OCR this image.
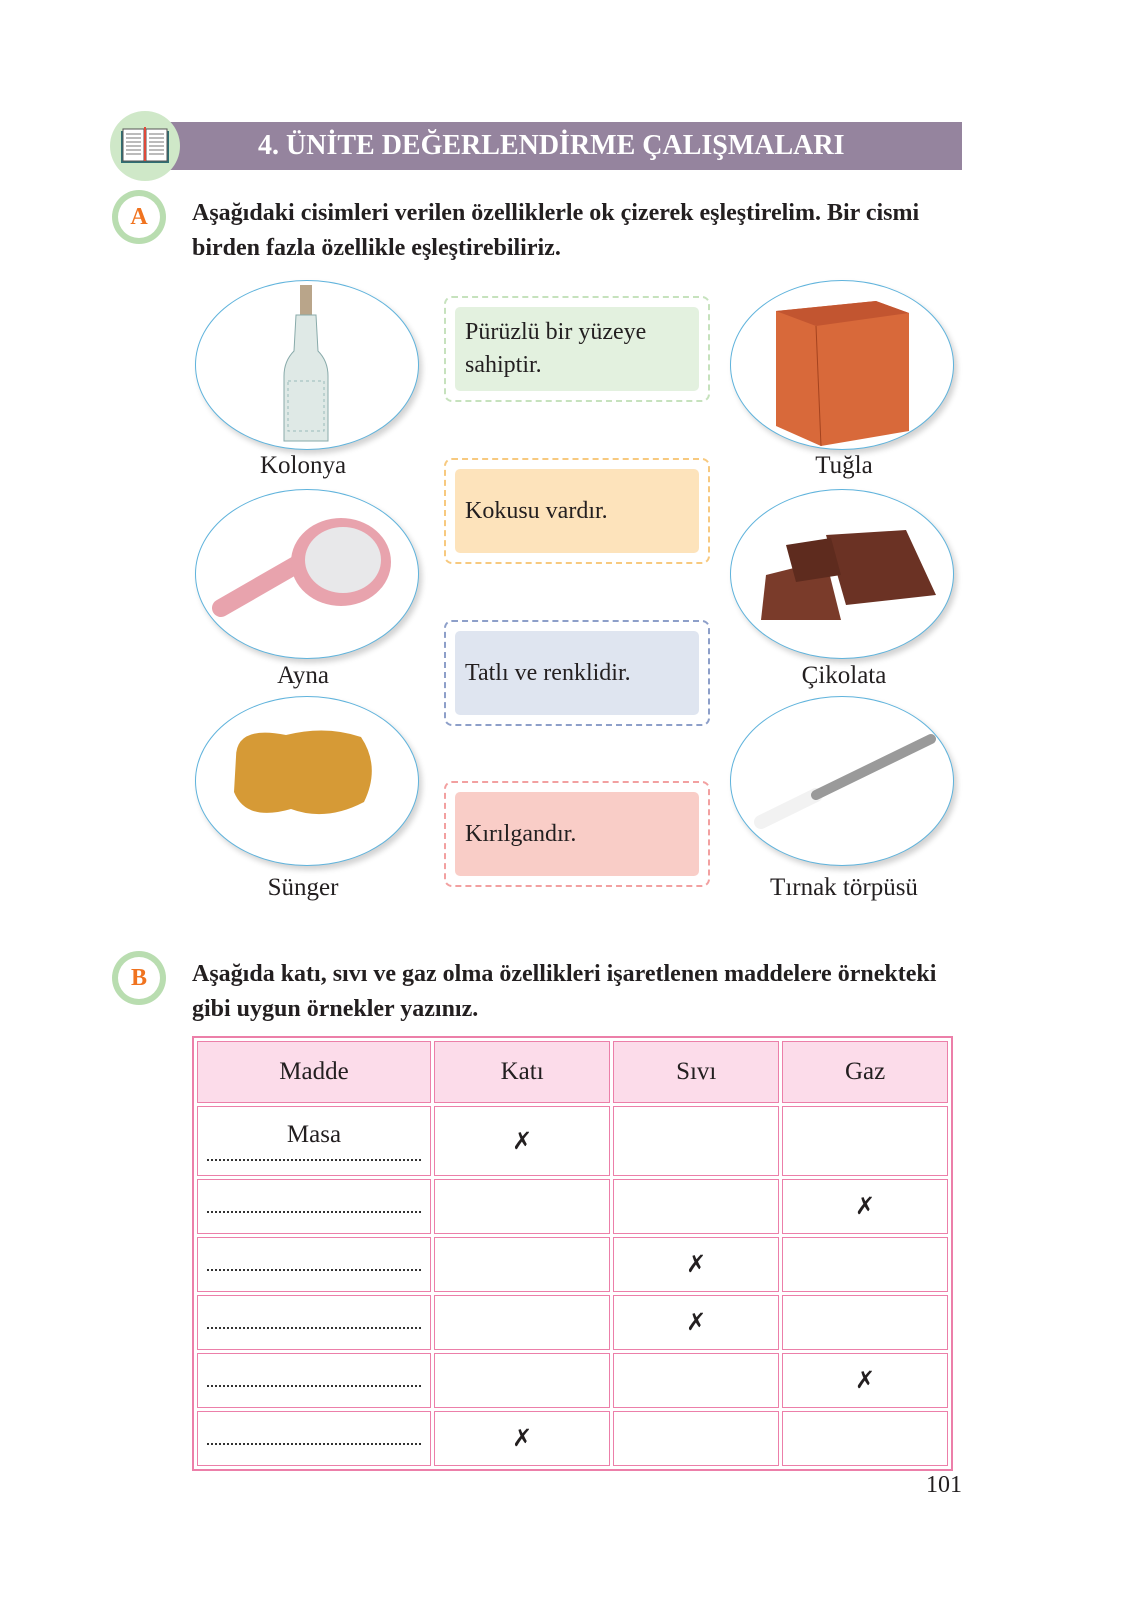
4. ÜNİTE DEĞERLENDİRME ÇALIŞMALARI
A	Aşağıdaki cisimleri verilen özelliklerle ok çizerek eşleştirelim. Bir cismi birden fazla özellikle eşleştirebiliriz.
Kolonya
Ayna
Sünger
Tuğla
Çikolata
Tırnak törpüsü
Pürüzlü bir yüzeye sahiptir.
Kokusu vardır.
Tatlı ve renklidir.
Kırılgandır.
B	Aşağıda katı, sıvı ve gaz olma özellikleri işaretlenen maddelere örnekteki gibi uygun örnekler yazınız.
Madde	Katı	Sıvı	Gaz

Masa	✗		

			✗

		✗	

		✗	

			✗

	✗		
101
